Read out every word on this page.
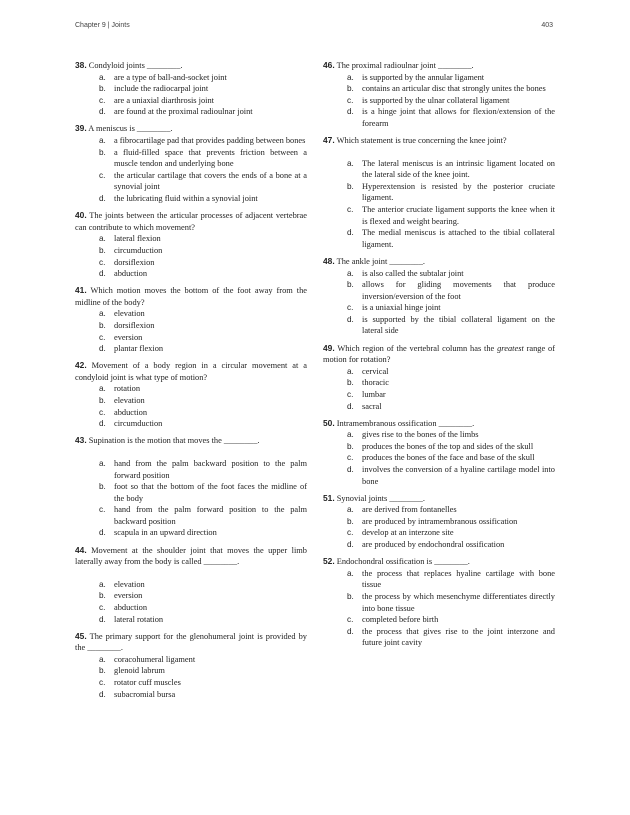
Chapter 9 | Joints	403

38. Condyloid joints ________.

a. are a type of ball-and-socket joint
b. include the radiocarpal joint
c. are a uniaxial diarthrosis joint
d. are found at the proximal radioulnar joint

39. A meniscus is ________.

a. a fibrocartilage pad that provides padding between bones
b. a fluid-filled space that prevents friction between a muscle tendon and underlying bone
c. the articular cartilage that covers the ends of a bone at a synovial joint
d. the lubricating fluid within a synovial joint

40. The joints between the articular processes of adjacent vertebrae can contribute to which movement?

a. lateral flexion
b. circumduction
c. dorsiflexion
d. abduction

41. Which motion moves the bottom of the foot away from the midline of the body?

a. elevation
b. dorsiflexion
c. eversion
d. plantar flexion

42. Movement of a body region in a circular movement at a condyloid joint is what type of motion?

a. rotation
b. elevation
c. abduction
d. circumduction

43. Supination is the motion that moves the ________.

a. hand from the palm backward position to the palm forward position
b. foot so that the bottom of the foot faces the midline of the body
c. hand from the palm forward position to the palm backward position
d. scapula in an upward direction

44. Movement at the shoulder joint that moves the upper limb laterally away from the body is called ________.

a. elevation
b. eversion
c. abduction
d. lateral rotation

45. The primary support for the glenohumeral joint is provided by the ________.

a. coracohumeral ligament
b. glenoid labrum
c. rotator cuff muscles
d. subacromial bursa

46. The proximal radioulnar joint ________.

a. is supported by the annular ligament
b. contains an articular disc that strongly unites the bones
c. is supported by the ulnar collateral ligament
d. is a hinge joint that allows for flexion/extension of the forearm

47. Which statement is true concerning the knee joint?

a. The lateral meniscus is an intrinsic ligament located on the lateral side of the knee joint.
b. Hyperextension is resisted by the posterior cruciate ligament.
c. The anterior cruciate ligament supports the knee when it is flexed and weight bearing.
d. The medial meniscus is attached to the tibial collateral ligament.

48. The ankle joint ________.

a. is also called the subtalar joint
b. allows for gliding movements that produce inversion/eversion of the foot
c. is a uniaxial hinge joint
d. is supported by the tibial collateral ligament on the lateral side

49. Which region of the vertebral column has the greatest range of motion for rotation?

a. cervical
b. thoracic
c. lumbar
d. sacral

50. Intramembranous ossification ________.

a. gives rise to the bones of the limbs
b. produces the bones of the top and sides of the skull
c. produces the bones of the face and base of the skull
d. involves the conversion of a hyaline cartilage model into bone

51. Synovial joints ________.

a. are derived from fontanelles
b. are produced by intramembranous ossification
c. develop at an interzone site
d. are produced by endochondral ossification

52. Endochondral ossification is ________.

a. the process that replaces hyaline cartilage with bone tissue
b. the process by which mesenchyme differentiates directly into bone tissue
c. completed before birth
d. the process that gives rise to the joint interzone and future joint cavity
